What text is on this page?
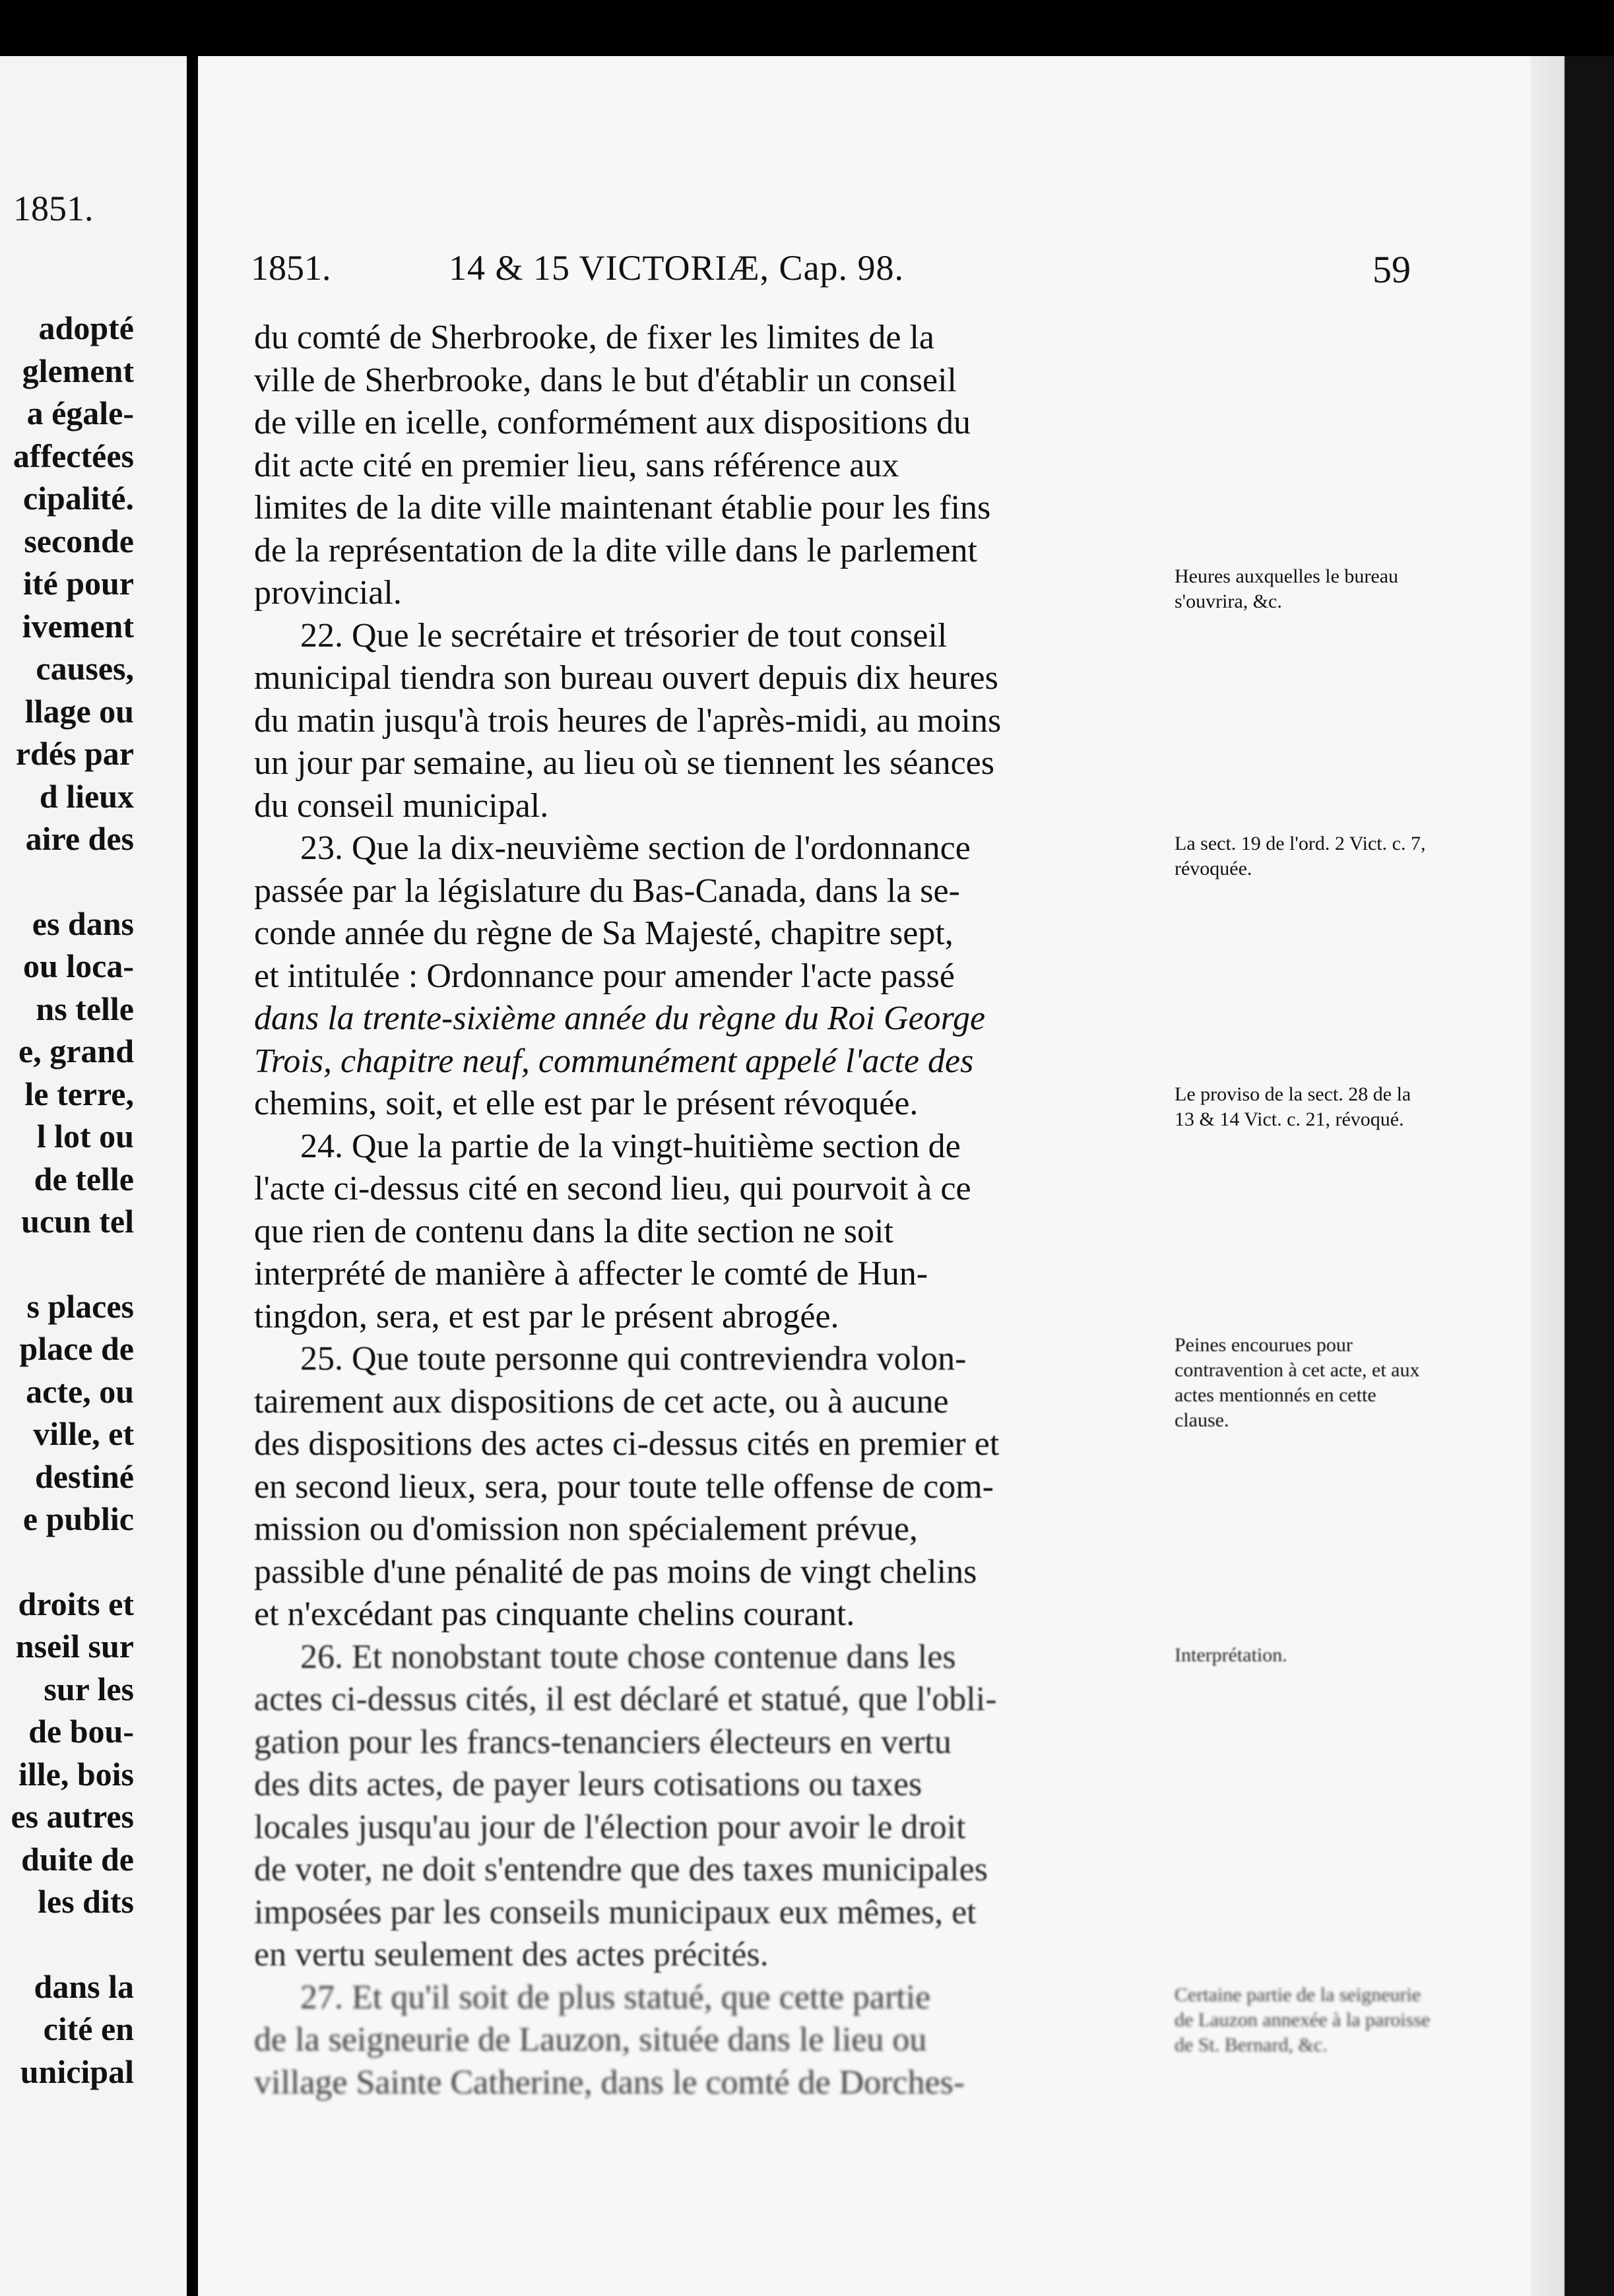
1851.
adopté
glement
a égale-
affectées
cipalité.
seconde
ité pour
ivement
causes,
llage ou
rdés par
d lieux
aire des
es dans
ou loca-
ns telle
e, grand
le terre,
l lot ou
de telle
ucun tel
s places
place de
acte, ou
ville, et
destiné
e public
droits et
nseil sur
sur les
de bou-
ille, bois
es autres
duite de
les dits
dans la
cité en
unicipal
1851.	14 & 15 VICTORIÆ, Cap. 98.	59
du comté de Sherbrooke, de fixer les limites de la
ville de Sherbrooke, dans le but d'établir un conseil
de ville en icelle, conformément aux dispositions du
dit acte cité en premier lieu, sans référence aux
limites de la dite ville maintenant établie pour les fins
de la représentation de la dite ville dans le parlement
provincial.
22. Que le secrétaire et trésorier de tout conseil
municipal tiendra son bureau ouvert depuis dix heures
du matin jusqu'à trois heures de l'après-midi, au moins
un jour par semaine, au lieu où se tiennent les séances
du conseil municipal.
23. Que la dix-neuvième section de l'ordonnance
passée par la législature du Bas-Canada, dans la se-
conde année du règne de Sa Majesté, chapitre sept,
et intitulée : Ordonnance pour amender l'acte passé
dans la trente-sixième année du règne du Roi George
Trois, chapitre neuf, communément appelé l'acte des
chemins, soit, et elle est par le présent révoquée.
24. Que la partie de la vingt-huitième section de
l'acte ci-dessus cité en second lieu, qui pourvoit à ce
que rien de contenu dans la dite section ne soit
interprété de manière à affecter le comté de Hun-
tingdon, sera, et est par le présent abrogée.
25. Que toute personne qui contreviendra volon-
tairement aux dispositions de cet acte, ou à aucune
des dispositions des actes ci-dessus cités en premier et
en second lieux, sera, pour toute telle offense de com-
mission ou d'omission non spécialement prévue,
passible d'une pénalité de pas moins de vingt chelins
et n'excédant pas cinquante chelins courant.
26. Et nonobstant toute chose contenue dans les
actes ci-dessus cités, il est déclaré et statué, que l'obli-
gation pour les francs-tenanciers électeurs en vertu
des dits actes, de payer leurs cotisations ou taxes
locales jusqu'au jour de l'élection pour avoir le droit
de voter, ne doit s'entendre que des taxes municipales
imposées par les conseils municipaux eux mêmes, et
en vertu seulement des actes précités.
27. Et qu'il soit de plus statué, que cette partie
de la seigneurie de Lauzon, située dans le lieu ou
village Sainte Catherine, dans le comté de Dorches-
Heures auxquelles le bureau s'ouvrira, &c.
La sect. 19 de l'ord. 2 Vict. c. 7, révoquée.
Le proviso de la sect. 28 de la 13 & 14 Vict. c. 21, révoqué.
Peines encourues pour contravention à cet acte, et aux actes mentionnés en cette clause.
Interprétation.
Certaine partie de la seigneurie de Lauzon annexée à la paroisse de St. Bernard, &c.
